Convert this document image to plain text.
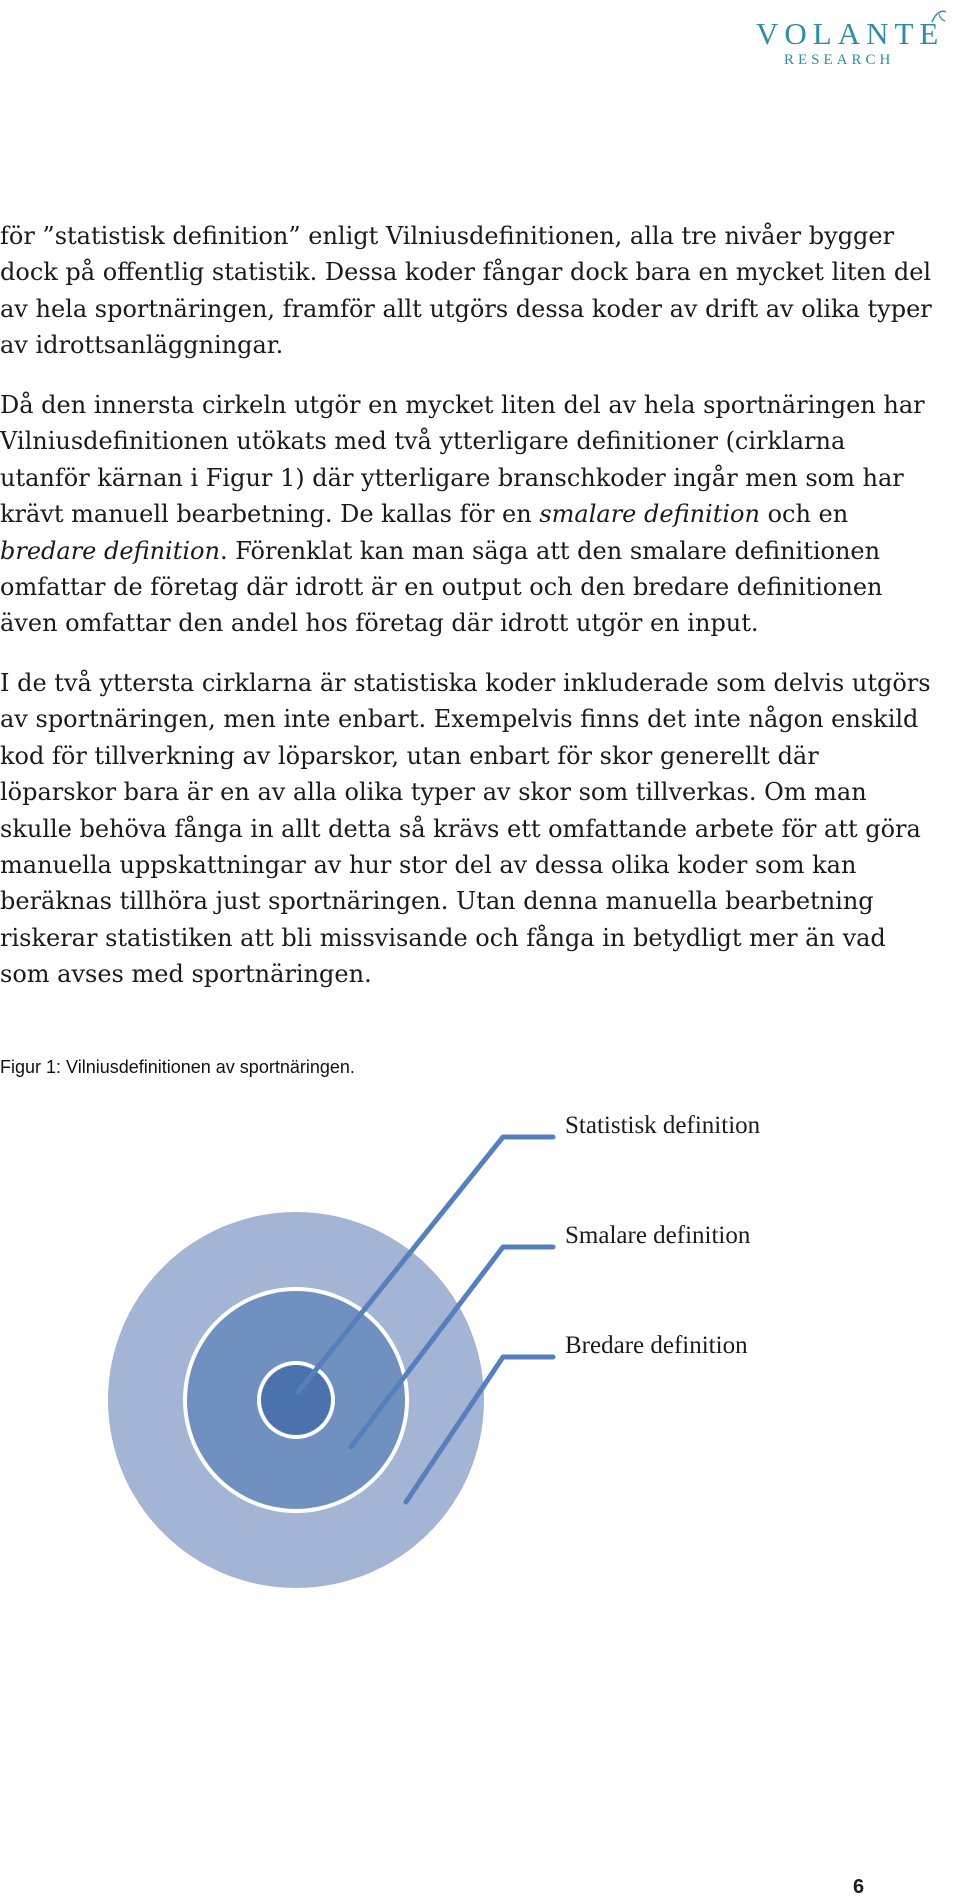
VOLANTE
RESEARCH

för ”statistisk definition” enligt Vilniusdefinitionen, alla tre nivåer bygger dock på offentlig statistik. Dessa koder fångar dock bara en mycket liten del av hela sportnäringen, framför allt utgörs dessa koder av drift av olika typer av idrottsanläggningar.

Då den innersta cirkeln utgör en mycket liten del av hela sportnäringen har Vilniusdefinitionen utökats med två ytterligare definitioner (cirklarna utanför kärnan i Figur 1) där ytterligare branschkoder ingår men som har krävt manuell bearbetning. De kallas för en smalare definition och en bredare definition. Förenklat kan man säga att den smalare definitionen omfattar de företag där idrott är en output och den bredare definitionen även omfattar den andel hos företag där idrott utgör en input.

I de två yttersta cirklarna är statistiska koder inkluderade som delvis utgörs av sportnäringen, men inte enbart. Exempelvis finns det inte någon enskild kod för tillverkning av löparskor, utan enbart för skor generellt där löparskor bara är en av alla olika typer av skor som tillverkas. Om man skulle behöva fånga in allt detta så krävs ett omfattande arbete för att göra manuella uppskattningar av hur stor del av dessa olika koder som kan beräknas tillhöra just sportnäringen. Utan denna manuella bearbetning riskerar statistiken att bli missvisande och fånga in betydligt mer än vad som avses med sportnäringen.

Figur 1: Vilniusdefinitionen av sportnäringen.
Statistisk definition
Smalare definition
Bredare definition
6
